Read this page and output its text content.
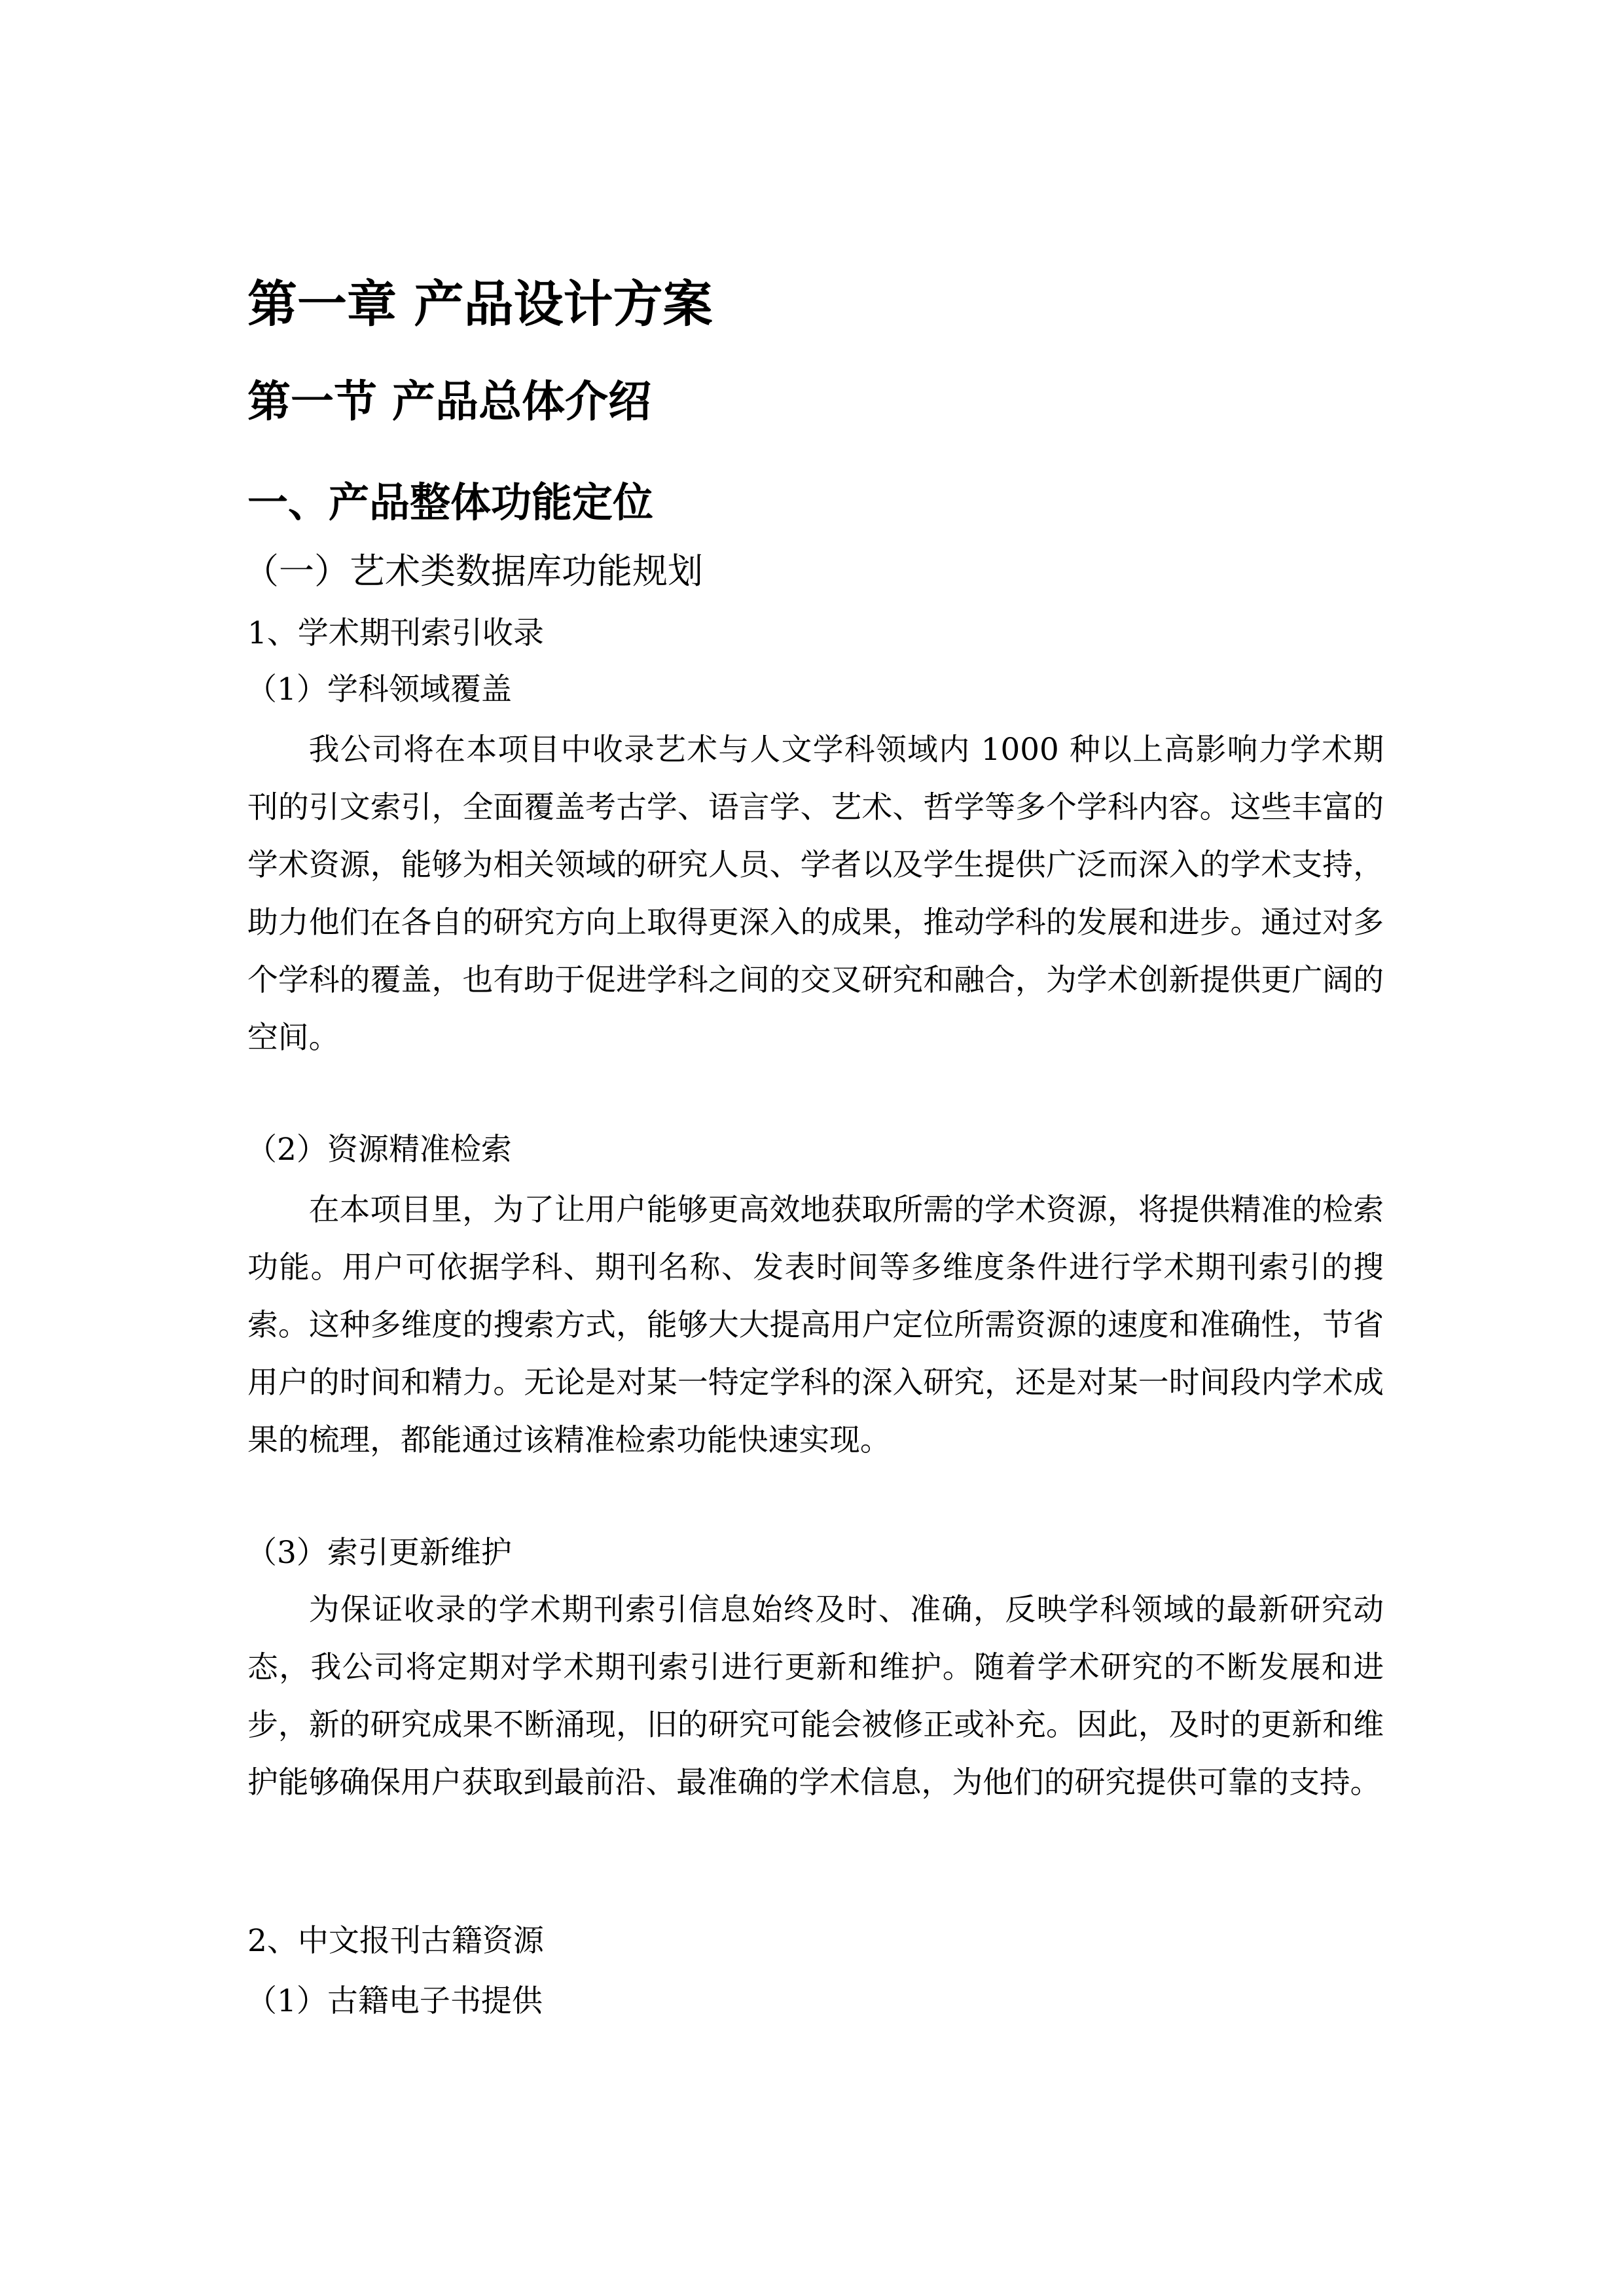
第一章 产品设计方案
第一节 产品总体介绍
一、产品整体功能定位
（一）艺术类数据库功能规划
1、学术期刊索引收录
（1）学科领域覆盖

我公司将在本项目中收录艺术与人文学科领域内 1000 种以上高影响力学术期刊的引文索引，全面覆盖考古学、语言学、艺术、哲学等多个学科内容。这些丰富的学术资源，能够为相关领域的研究人员、学者以及学生提供广泛而深入的学术支持，助力他们在各自的研究方向上取得更深入的成果，推动学科的发展和进步。通过对多个学科的覆盖，也有助于促进学科之间的交叉研究和融合，为学术创新提供更广阔的空间。

（2）资源精准检索

在本项目里，为了让用户能够更高效地获取所需的学术资源，将提供精准的检索功能。用户可依据学科、期刊名称、发表时间等多维度条件进行学术期刊索引的搜索。这种多维度的搜索方式，能够大大提高用户定位所需资源的速度和准确性，节省用户的时间和精力。无论是对某一特定学科的深入研究，还是对某一时间段内学术成果的梳理，都能通过该精准检索功能快速实现。

（3）索引更新维护

为保证收录的学术期刊索引信息始终及时、准确，反映学科领域的最新研究动态，我公司将定期对学术期刊索引进行更新和维护。随着学术研究的不断发展和进步，新的研究成果不断涌现，旧的研究可能会被修正或补充。因此，及时的更新和维护能够确保用户获取到最前沿、最准确的学术信息，为他们的研究提供可靠的支持。

2、中文报刊古籍资源
（1）古籍电子书提供
